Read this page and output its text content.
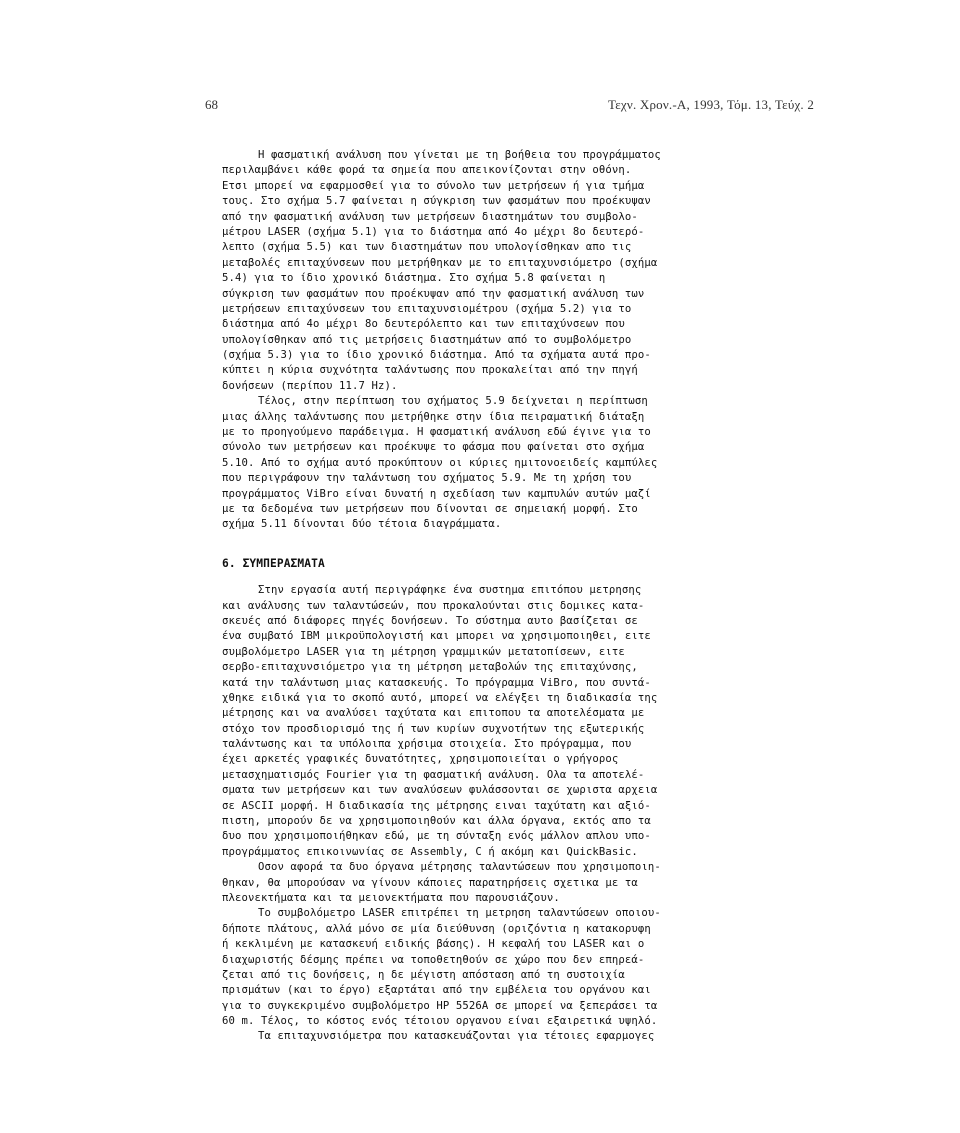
68	Τεχν. Χρον.-Α, 1993, Τόμ. 13, Τεύχ. 2
Η φασματική ανάλυση που γίνεται με τη βοήθεια του προγράμματος
περιλαμβάνει κάθε φορά τα σημεία που απεικονίζονται στην οθόνη.
Ετσι μπορεί να εφαρμοσθεί για το σύνολο των μετρήσεων ή για τμήμα
τους. Στο σχήμα 5.7 φαίνεται η σύγκριση των φασμάτων που προέκυψαν
από την φασματική ανάλυση των μετρήσεων διαστημάτων του συμβολο-
μέτρου LASER (σχήμα 5.1) για το διάστημα από 4ο μέχρι 8ο δευτερό-
λεπτο (σχήμα 5.5) και των διαστημάτων που υπολογίσθηκαν απο τις
μεταβολές επιταχύνσεων που μετρήθηκαν με το επιταχυνσιόμετρο (σχήμα
5.4) για το ίδιο χρονικό διάστημα. Στο σχήμα 5.8 φαίνεται η
σύγκριση των φασμάτων που προέκυψαν από την φασματική ανάλυση των
μετρήσεων επιταχύνσεων του επιταχυνσιομέτρου (σχήμα 5.2) για το
διάστημα από 4ο μέχρι 8ο δευτερόλεπτο και των επιταχύνσεων που
υπολογίσθηκαν από τις μετρήσεις διαστημάτων από το συμβολόμετρο
(σχήμα 5.3) για το ίδιο χρονικό διάστημα. Από τα σχήματα αυτά προ-
κύπτει η κύρια συχνότητα ταλάντωσης που προκαλείται από την πηγή
δονήσεων (περίπου 11.7 Hz).
Τέλος, στην περίπτωση του σχήματος 5.9 δείχνεται η περίπτωση
μιας άλλης ταλάντωσης που μετρήθηκε στην ίδια πειραματική διάταξη
με το προηγούμενο παράδειγμα. Η φασματική ανάλυση εδώ έγινε για το
σύνολο των μετρήσεων και προέκυψε το φάσμα που φαίνεται στο σχήμα
5.10. Από το σχήμα αυτό προκύπτουν οι κύριες ημιτονοειδείς καμπύλες
που περιγράφουν την ταλάντωση του σχήματος 5.9. Με τη χρήση του
προγράμματος ViBro είναι δυνατή η σχεδίαση των καμπυλών αυτών μαζί
με τα δεδομένα των μετρήσεων που δίνονται σε σημειακή μορφή. Στο
σχήμα 5.11 δίνονται δύο τέτοια διαγράμματα.
6. ΣΥΜΠΕΡΑΣΜΑΤΑ
Στην εργασία αυτή περιγράφηκε ένα συστημα επιτόπου μετρησης
και ανάλυσης των ταλαντώσεών, που προκαλούνται στις δομικες κατα-
σκευές από διάφορες πηγές δονήσεων. Το σύστημα αυτο βασίζεται σε
ένα συμβατό ΙΒΜ μικροϋπολογιστή και μπορει να χρησιμοποιηθει, ειτε
συμβολόμετρο LASER για τη μέτρηση γραμμικών μετατοπίσεων, ειτε
σερβο-επιταχυνσιόμετρο για τη μέτρηση μεταβολών της επιταχύνσης,
κατά την ταλάντωση μιας κατασκευής. Το πρόγραμμα ViBro, που συντά-
χθηκε ειδικά για το σκοπό αυτό, μπορεί να ελέγξει τη διαδικασία της
μέτρησης και να αναλύσει ταχύτατα και επιτοπου τα αποτελέσματα με
στόχο τον προσδιορισμό της ή των κυρίων συχνοτήτων της εξωτερικής
ταλάντωσης και τα υπόλοιπα χρήσιμα στοιχεία. Στο πρόγραμμα, που
έχει αρκετές γραφικές δυνατότητες, χρησιμοποιείται ο γρήγορος
μετασχηματισμός Fourier για τη φασματική ανάλυση. Ολα τα αποτελέ-
σματα των μετρήσεων και των αναλύσεων φυλάσσονται σε χωριστα αρχεια
σε ASCII μορφή. Η διαδικασία της μέτρησης ειναι ταχύτατη και αξιό-
πιστη, μπορούν δε να χρησιμοποιηθούν και άλλα όργανα, εκτός απο τα
δυο που χρησιμοποιήθηκαν εδώ, με τη σύνταξη ενός μάλλον απλου υπο-
προγράμματος επικοινωνίας σε Assembly, C ή ακόμη και QuickBasic.
Οσον αφορά τα δυο όργανα μέτρησης ταλαντώσεων που χρησιμοποιη-
θηκαν, θα μπορούσαν να γίνουν κάποιες παρατηρήσεις σχετικα με τα
πλεονεκτήματα και τα μειονεκτήματα που παρουσιάζουν.
Το συμβολόμετρο LASER επιτρέπει τη μετρηση ταλαντώσεων οποιου-
δήποτε πλάτους, αλλά μόνο σε μία διεύθυνση (οριζόντια η κατακορυφη
ή κεκλιμένη με κατασκευή ειδικής βάσης). Η κεφαλή του LASER και ο
διαχωριστής δέσμης πρέπει να τοποθετηθούν σε χώρο που δεν επηρεά-
ζεται από τις δονήσεις, η δε μέγιστη απόσταση από τη συστοιχία
πρισμάτων (και το έργο) εξαρτάται από την εμβέλεια του οργάνου και
για το συγκεκριμένο συμβολόμετρο ΗΡ 5526Α σε μπορεί να ξεπεράσει τα
60 m. Τέλος, το κόστος ενός τέτοιου οργανου είναι εξαιρετικά υψηλό.
Τα επιταχυνσιόμετρα που κατασκευάζονται για τέτοιες εφαρμογες
